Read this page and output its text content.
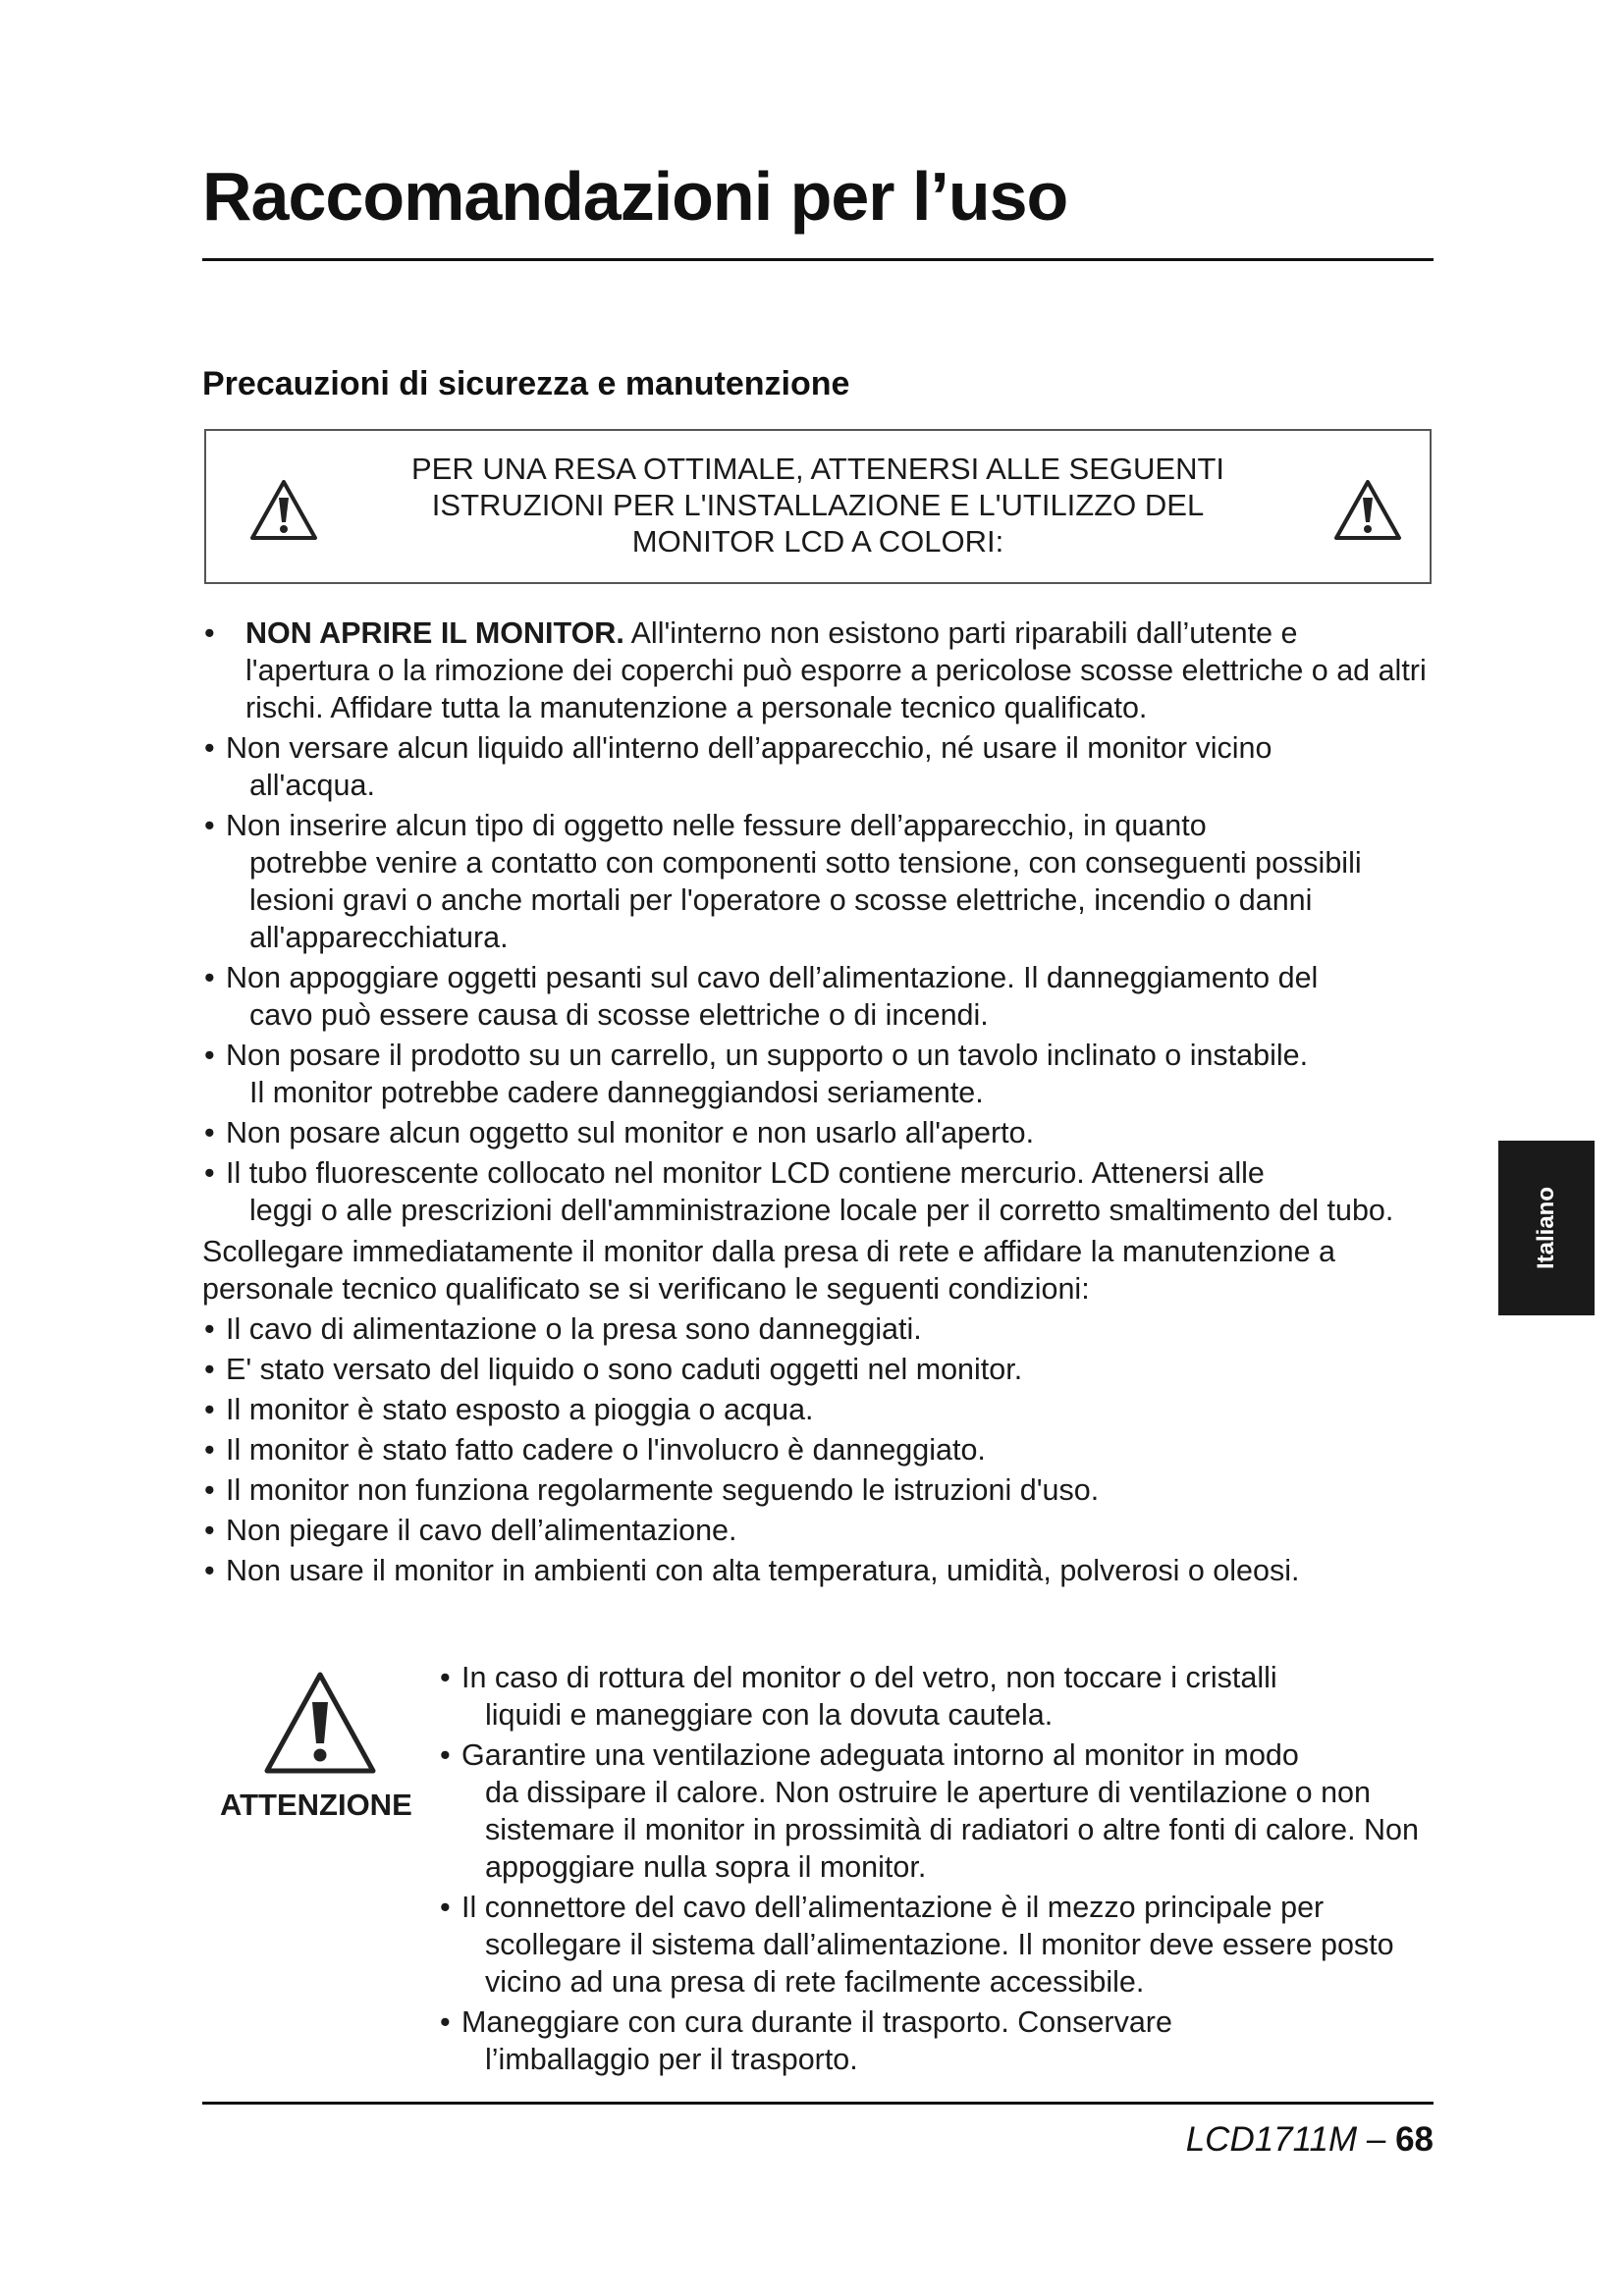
Raccomandazioni per l’uso
Precauzioni di sicurezza e manutenzione
PER UNA RESA OTTIMALE, ATTENERSI ALLE SEGUENTI
ISTRUZIONI PER L'INSTALLAZIONE E L'UTILIZZO DEL
MONITOR LCD A COLORI:
• NON APRIRE IL MONITOR. All'interno non esistono parti riparabili dall’utente e
l'apertura o la rimozione dei coperchi può esporre a pericolose scosse elettriche o ad altri rischi. Affidare tutta la manutenzione a personale tecnico qualificato.
• Non versare alcun liquido all'interno dell’apparecchio, né usare il monitor vicino
all'acqua.
• Non inserire alcun tipo di oggetto nelle fessure dell’apparecchio, in quanto
potrebbe venire a contatto con componenti sotto tensione, con conseguenti possibili lesioni gravi o anche mortali per l'operatore o scosse elettriche, incendio o danni all'apparecchiatura.
• Non appoggiare oggetti pesanti sul cavo dell’alimentazione. Il danneggiamento del
cavo può essere causa di scosse elettriche o di incendi.
• Non posare il prodotto su un carrello, un supporto o un tavolo inclinato o instabile.
Il monitor potrebbe cadere danneggiandosi seriamente.
• Non posare alcun oggetto sul monitor e non usarlo all'aperto.
• Il tubo fluorescente collocato nel monitor LCD contiene mercurio. Attenersi alle
leggi o alle prescrizioni dell'amministrazione locale per il corretto smaltimento del tubo.

Scollegare immediatamente il monitor dalla presa di rete e affidare la manutenzione a personale tecnico qualificato se si verificano le seguenti condizioni:

• Il cavo di alimentazione o la presa sono danneggiati.
• E' stato versato del liquido o sono caduti oggetti nel monitor.
• Il monitor è stato esposto a pioggia o acqua.
• Il monitor è stato fatto cadere o l'involucro è danneggiato.
• Il monitor non funziona regolarmente seguendo le istruzioni d'uso.
• Non piegare il cavo dell’alimentazione.
• Non usare il monitor in ambienti con alta temperatura, umidità, polverosi o oleosi.
ATTENZIONE
• In caso di rottura del monitor o del vetro, non toccare i cristalli
liquidi e maneggiare con la dovuta cautela.
• Garantire una ventilazione adeguata intorno al monitor in modo
da dissipare il calore. Non ostruire le aperture di ventilazione o non sistemare il monitor in prossimità di radiatori o altre fonti di calore. Non appoggiare nulla sopra il monitor.
• Il connettore del cavo dell’alimentazione è il mezzo principale per
scollegare il sistema dall’alimentazione. Il monitor deve essere posto vicino ad una presa di rete facilmente accessibile.
• Maneggiare con cura durante il trasporto. Conservare
l’imballaggio per il trasporto.
Italiano
LCD1711M – 68
